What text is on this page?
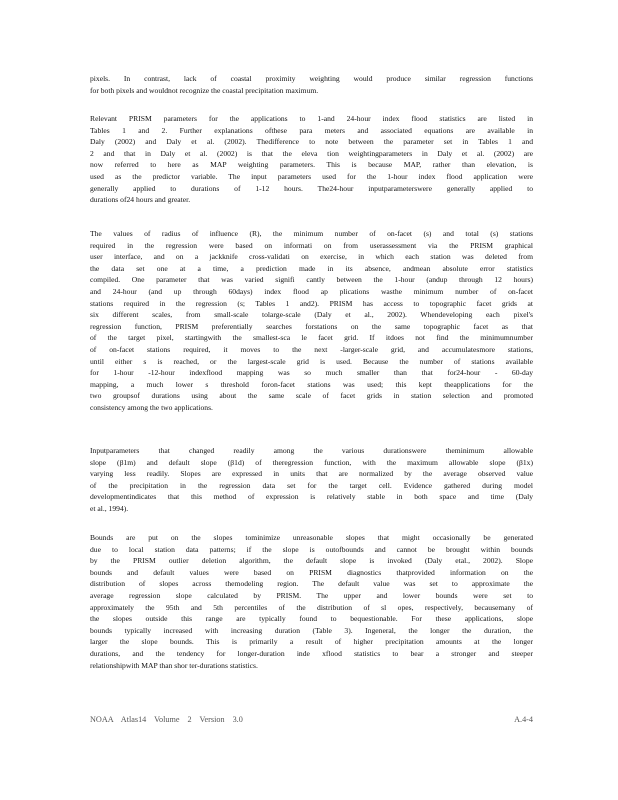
pixels. In contrast, lack of coastal proximity weighting would produce similar regression functions
for both pixels and wouldnot recognize the coastal precipitation maximum.

Relevant PRISM parameters for the applications to 1-and 24-hour index flood statistics are listed in
Tables 1 and 2. Further explanations ofthese para meters and associated equations are available in
Daly (2002) and Daly et al. (2002). Thedifference to note between the parameter set in Tables 1 and
2 and that in Daly et al. (2002) is that the eleva tion weightingparameters in Daly et al. (2002) are
now referred to here as MAP weighting parameters. This is because MAP, rather than elevation, is
used as the predictor variable. The input parameters used for the 1-hour index flood application were
generally applied to durations of 1-12 hours. The24-hour inputparameterswere generally applied to
durations of24 hours and greater.

The values of radius of influence (R), the minimum number of on-facet (s) and total (s) stations
required in the regression were based on informati on from userassessment via the PRISM graphical
user interface, and on a jackknife cross-validati on exercise, in which each station was deleted from
the data set one at a time, a prediction made in its absence, andmean absolute error statistics
compiled. One parameter that was varied signifi cantly between the 1-hour (andup through 12 hours)
and 24-hour (and up through 60days) index flood ap plications wasthe minimum number of on-facet
stations required in the regression (s; Tables 1 and2). PRISM has access to topographic facet grids at
six different scales, from small-scale tolarge-scale (Daly et al., 2002). Whendeveloping each pixel's
regression function, PRISM preferentially searches forstations on the same topographic facet as that
of the target pixel, startingwith the smallest-sca le facet grid. If itdoes not find the minimumnumber
of on-facet stations required, it moves to the next -larger-scale grid, and accumulatesmore stations,
until either s is reached, or the largest-scale grid is used. Because the number of stations available
for 1-hour -12-hour indexflood mapping was so much smaller than that for24-hour - 60-day
mapping, a much lower s threshold foron-facet stations was used; this kept theapplications for the
two groupsof durations using about the same scale of facet grids in station selection and promoted
consistency among the two applications.

Inputparameters that changed readily among the various durationswere theminimum allowable
slope (β1m) and default slope (β1d) of theregression function, with the maximum allowable slope (β1x)
varying less readily. Slopes are expressed in units that are normalized by the average observed value
of the precipitation in the regression data set for the target cell. Evidence gathered during model
developmentindicates that this method of expression is relatively stable in both space and time (Daly
et al., 1994).

Bounds are put on the slopes tominimize unreasonable slopes that might occasionally be generated
due to local station data patterns; if the slope is outofbounds and cannot be brought within bounds
by the PRISM outlier deletion algorithm, the default slope is invoked (Daly etal., 2002). Slope
bounds and default values were based on PRISM diagnostics thatprovided information on the
distribution of slopes across themodeling region. The default value was set to approximate the
average regression slope calculated by PRISM. The upper and lower bounds were set to
approximately the 95th and 5th percentiles of the distribution of sl opes, respectively, becausemany of
the slopes outside this range are typically found to bequestionable. For these applications, slope
bounds typically increased with increasing duration (Table 3). Ingeneral, the longer the duration, the
larger the slope bounds. This is primarily a result of higher precipitation amounts at the longer
durations, and the tendency for longer-duration inde xflood statistics to bear a stronger and steeper
relationshipwith MAP than shor ter-durations statistics.

NOAA Atlas14 Volume 2 Version 3.0	A.4-4
